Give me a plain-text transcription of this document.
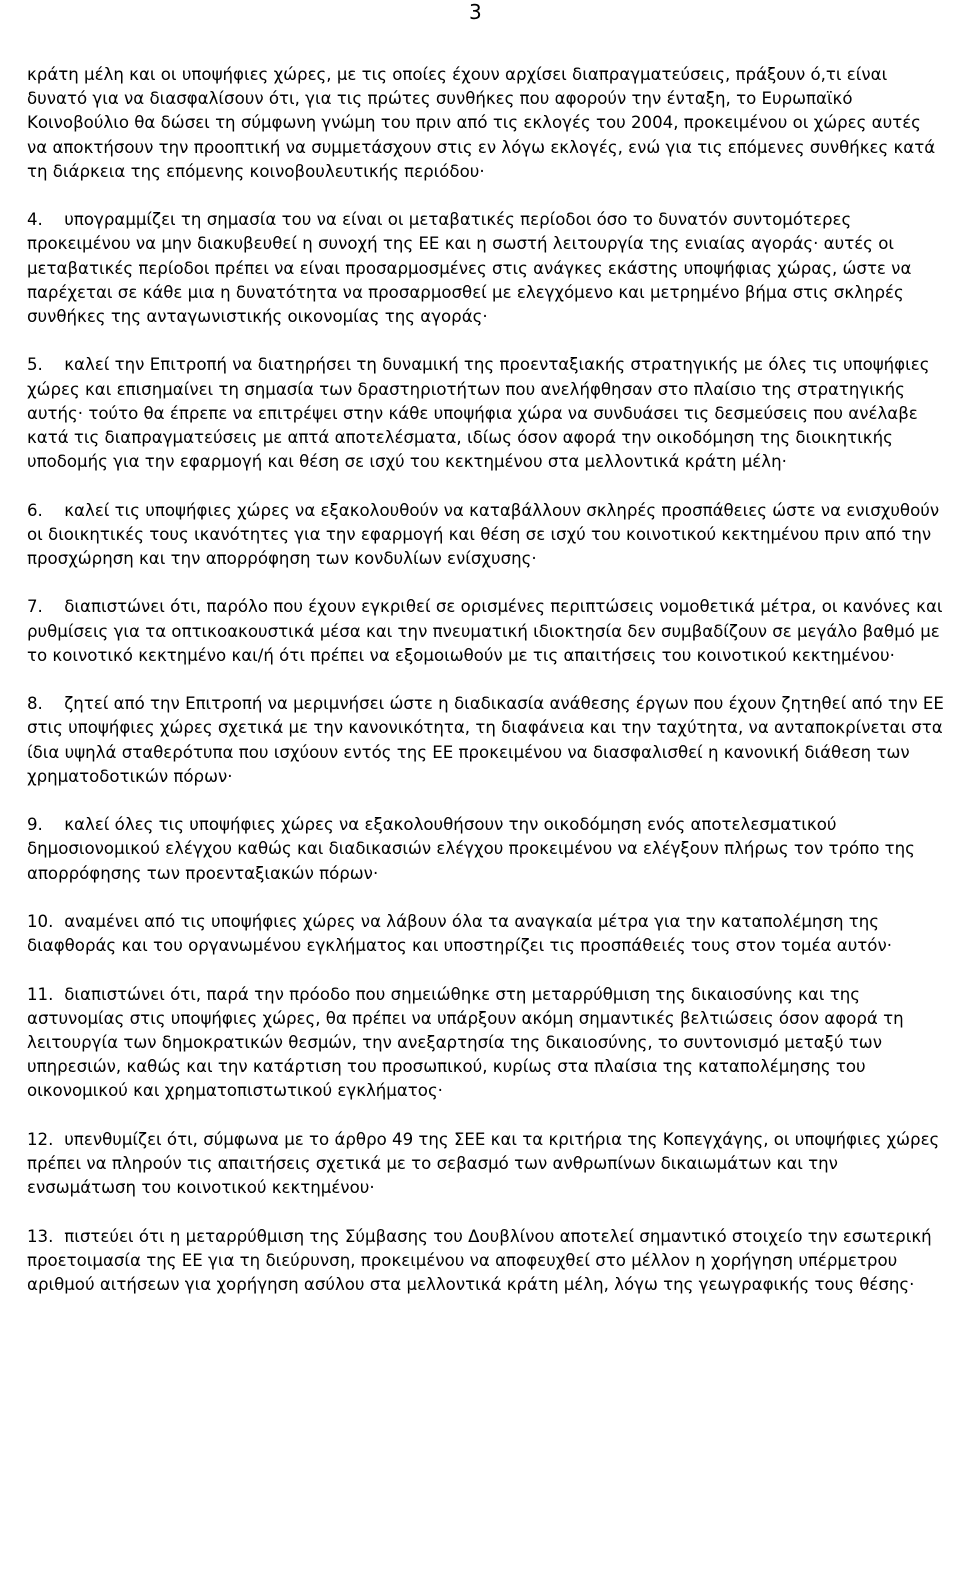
3

κράτη μέλη και οι υποψήφιες χώρες, με τις οποίες έχουν αρχίσει διαπραγματεύσεις, πράξουν ό,τι είναι δυνατό για να διασφαλίσουν ότι, για τις πρώτες συνθήκες που αφορούν την ένταξη, το Ευρωπαϊκό Κοινοβούλιο θα δώσει τη σύμφωνη γνώμη του πριν από τις εκλογές του 2004, προκειμένου οι χώρες αυτές να αποκτήσουν την προοπτική να συμμετάσχουν στις εν λόγω εκλογές, ενώ για τις επόμενες συνθήκες κατά τη διάρκεια της επόμενης κοινοβουλευτικής περιόδου·

4. υπογραμμίζει τη σημασία του να είναι οι μεταβατικές περίοδοι όσο το δυνατόν συντομότερες προκειμένου να μην διακυβευθεί η συνοχή της ΕΕ και η σωστή λειτουργία της ενιαίας αγοράς· αυτές οι μεταβατικές περίοδοι πρέπει να είναι προσαρμοσμένες στις ανάγκες εκάστης υποψήφιας χώρας, ώστε να παρέχεται σε κάθε μια η δυνατότητα να προσαρμοσθεί με ελεγχόμενο και μετρημένο βήμα στις σκληρές συνθήκες της ανταγωνιστικής οικονομίας της αγοράς·

5. καλεί την Επιτροπή να διατηρήσει τη δυναμική της προενταξιακής στρατηγικής με όλες τις υποψήφιες χώρες και επισημαίνει τη σημασία των δραστηριοτήτων που ανελήφθησαν στο πλαίσιο της στρατηγικής αυτής· τούτο θα έπρεπε να επιτρέψει στην κάθε υποψήφια χώρα να συνδυάσει τις δεσμεύσεις που ανέλαβε κατά τις διαπραγματεύσεις με απτά αποτελέσματα, ιδίως όσον αφορά την οικοδόμηση της διοικητικής υποδομής για την εφαρμογή και θέση σε ισχύ του κεκτημένου στα μελλοντικά κράτη μέλη·

6. καλεί τις υποψήφιες χώρες να εξακολουθούν να καταβάλλουν σκληρές προσπάθειες ώστε να ενισχυθούν οι διοικητικές τους ικανότητες για την εφαρμογή και θέση σε ισχύ του κοινοτικού κεκτημένου πριν από την προσχώρηση και την απορρόφηση των κονδυλίων ενίσχυσης·

7. διαπιστώνει ότι, παρόλο που έχουν εγκριθεί σε ορισμένες περιπτώσεις νομοθετικά μέτρα, οι κανόνες και ρυθμίσεις για τα οπτικοακουστικά μέσα και την πνευματική ιδιοκτησία δεν συμβαδίζουν σε μεγάλο βαθμό με το κοινοτικό κεκτημένο και/ή ότι πρέπει να εξομοιωθούν με τις απαιτήσεις του κοινοτικού κεκτημένου·

8. ζητεί από την Επιτροπή να μεριμνήσει ώστε η διαδικασία ανάθεσης έργων που έχουν ζητηθεί από την ΕΕ στις υποψήφιες χώρες σχετικά με την κανονικότητα, τη διαφάνεια και την ταχύτητα, να ανταποκρίνεται στα ίδια υψηλά σταθερότυπα που ισχύουν εντός της ΕΕ προκειμένου να διασφαλισθεί η κανονική διάθεση των χρηματοδοτικών πόρων·

9. καλεί όλες τις υποψήφιες χώρες να εξακολουθήσουν την οικοδόμηση ενός αποτελεσματικού δημοσιονομικού ελέγχου καθώς και διαδικασιών ελέγχου προκειμένου να ελέγξουν πλήρως τον τρόπο της απορρόφησης των προενταξιακών πόρων·

10. αναμένει από τις υποψήφιες χώρες να λάβουν όλα τα αναγκαία μέτρα για την καταπολέμηση της διαφθοράς και του οργανωμένου εγκλήματος και υποστηρίζει τις προσπάθειές τους στον τομέα αυτόν·

11. διαπιστώνει ότι, παρά την πρόοδο που σημειώθηκε στη μεταρρύθμιση της δικαιοσύνης και της αστυνομίας στις υποψήφιες χώρες, θα πρέπει να υπάρξουν ακόμη σημαντικές βελτιώσεις όσον αφορά τη λειτουργία των δημοκρατικών θεσμών, την ανεξαρτησία της δικαιοσύνης, το συντονισμό μεταξύ των υπηρεσιών, καθώς και την κατάρτιση του προσωπικού, κυρίως στα πλαίσια της καταπολέμησης του οικονομικού και χρηματοπιστωτικού εγκλήματος·

12. υπενθυμίζει ότι, σύμφωνα με το άρθρο 49 της ΣΕΕ και τα κριτήρια της Κοπεγχάγης, οι υποψήφιες χώρες πρέπει να πληρούν τις απαιτήσεις σχετικά με το σεβασμό των ανθρωπίνων δικαιωμάτων και την ενσωμάτωση του κοινοτικού κεκτημένου·

13. πιστεύει ότι η μεταρρύθμιση της Σύμβασης του Δουβλίνου αποτελεί σημαντικό στοιχείο την εσωτερική προετοιμασία της ΕΕ για τη διεύρυνση, προκειμένου να αποφευχθεί στο μέλλον η χορήγηση υπέρμετρου αριθμού αιτήσεων για χορήγηση ασύλου στα μελλοντικά κράτη μέλη, λόγω της γεωγραφικής τους θέσης·
